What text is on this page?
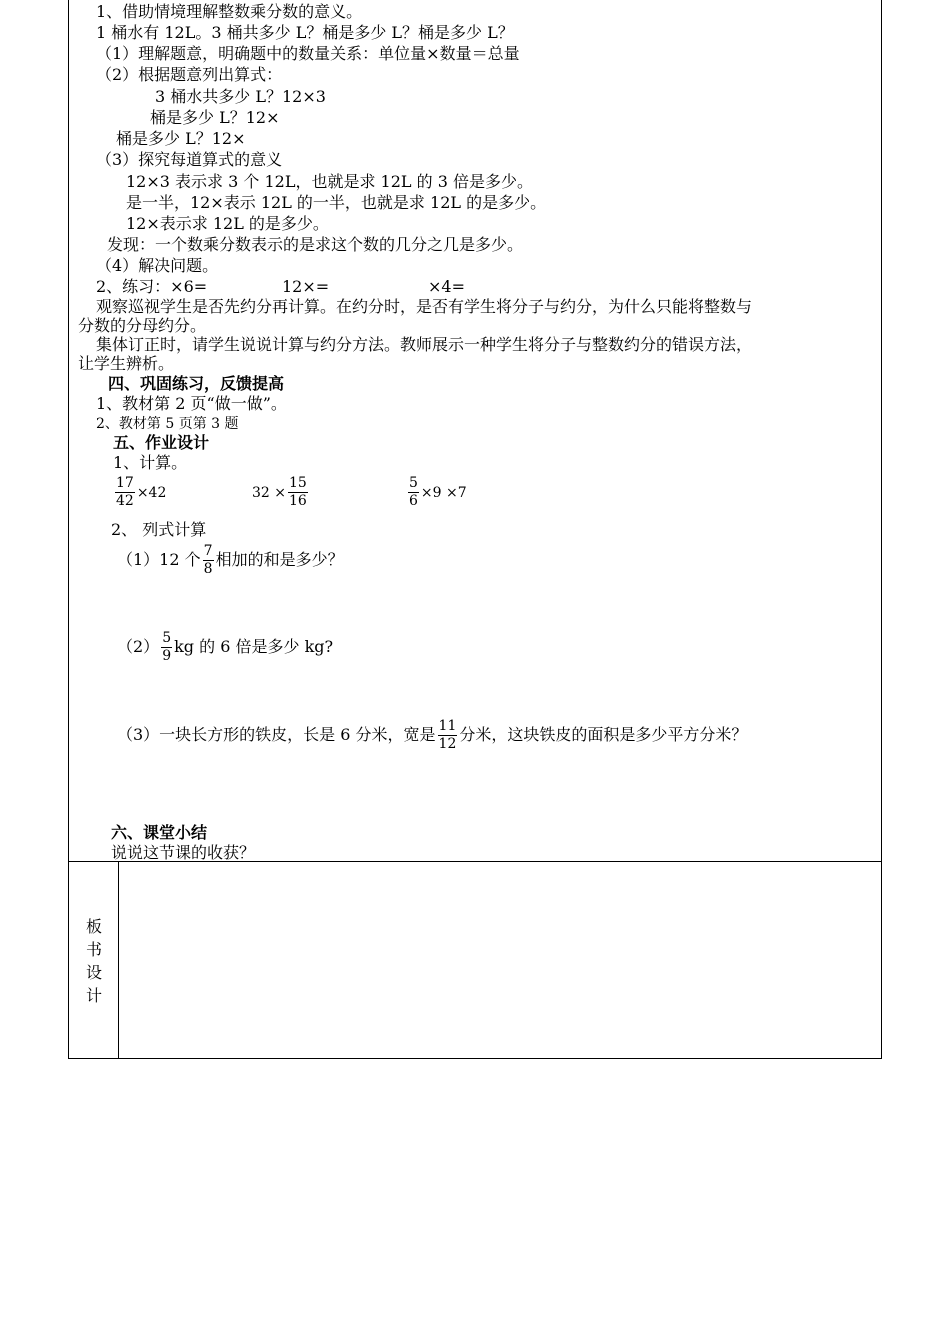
1、借助情境理解整数乘分数的意义。
1 桶水有 12L。3 桶共多少 L？桶是多少 L？桶是多少 L？
（1）理解题意，明确题中的数量关系：单位量×数量＝总量
（2）根据题意列出算式：
3 桶水共多少 L？12×3
桶是多少 L？12×
桶是多少 L？12×
（3）探究每道算式的意义
12×3 表示求 3 个 12L，也就是求 12L 的 3 倍是多少。
是一半，12×表示 12L 的一半，也就是求 12L 的是多少。
12×表示求 12L 的是多少。
发现：一个数乘分数表示的是求这个数的几分之几是多少。
（4）解决问题。
2、练习：×6=	12×=	×4=
观察巡视学生是否先约分再计算。在约分时，是否有学生将分子与约分，为什么只能将整数与
分数的分母约分。
集体订正时，请学生说说计算与约分方法。教师展示一种学生将分子与整数约分的错误方法，
让学生辨析。
四、巩固练习，反馈提高
1、教材第 2 页“做一做”。
2、教材第 5 页第 3 题
五、作业设计
1、计算。
$\frac{17}{42} \times 42$	$32 \times \frac{15}{16}$	$\frac{5}{6} \times 9 \times 7$
2、 列式计算
（1）12 个 $\frac{7}{8}$ 相加的和是多少？
$(2) \frac{5}{9}$ kg 的 6 倍是多少 kg?
（3）一块长方形的铁皮，长是 6 分米，宽是 $\frac{11}{12}$ 分米，这块铁皮的面积是多少平方分米？
六、课堂小结
说说这节课的收获？
板
书
设
计
